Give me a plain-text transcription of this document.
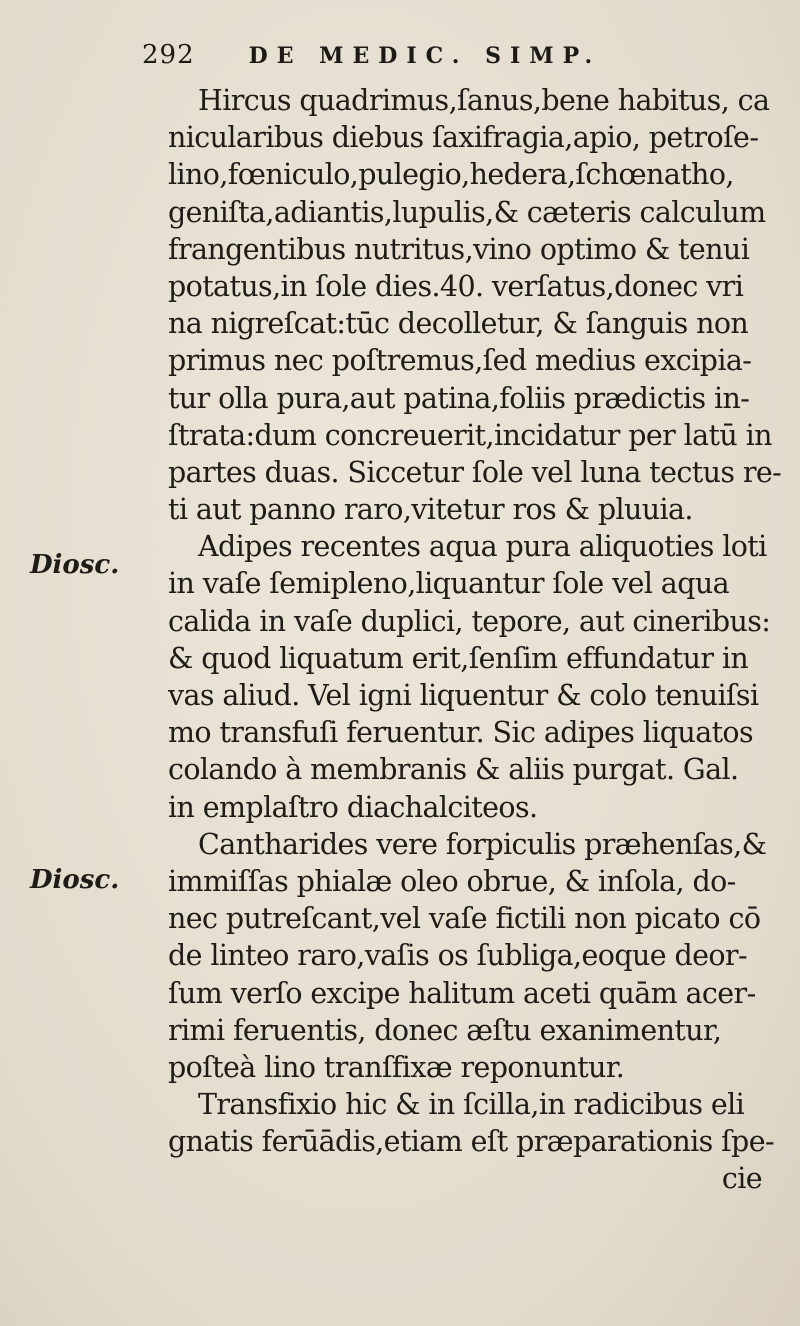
292 DE MEDIC. SIMP.
Diosc.
Diosc.
Hircus quadrimus,ſanus,bene habitus, ca
nicularibus diebus ſaxifragia,apio, petroſe-
lino,fœniculo,pulegio,hedera,ſchœnatho,
geniſta,adiantis,lupulis,& cæteris calculum
frangentibus nutritus,vino optimo & tenui
potatus,in ſole dies.40. verſatus,donec vri
na nigreſcat:tūc decolletur, & ſanguis non
primus nec poſtremus,ſed medius excipia-
tur olla pura,aut patina,foliis prædictis in-
ſtrata:dum concreuerit,incidatur per latū in
partes duas. Siccetur ſole vel luna tectus re-
ti aut panno raro,vitetur ros & pluuia.
Adipes recentes aqua pura aliquoties loti
in vaſe ſemipleno,liquantur ſole vel aqua
calida in vaſe duplici, tepore, aut cineribus:
& quod liquatum erit,ſenſim effundatur in
vas aliud. Vel igni liquentur & colo tenuiſsi
mo transfuſi feruentur. Sic adipes liquatos
colando à membranis & aliis purgat. Gal.
in emplaſtro diachalciteos.
Cantharides vere forpiculis præhenſas,&
immiſſas phialæ oleo obrue, & inſola, do-
nec putreſcant,vel vaſe fictili non picato cō
de linteo raro,vaſis os ſubliga,eoque deor-
ſum verſo excipe halitum aceti quām acer-
rimi feruentis, donec æſtu exanimentur,
poſteà lino tranſfixæ reponuntur.
Transfixio hic & in ſcilla,in radicibus eli
gnatis ferūādis,etiam eſt præparationis ſpe-
cie
